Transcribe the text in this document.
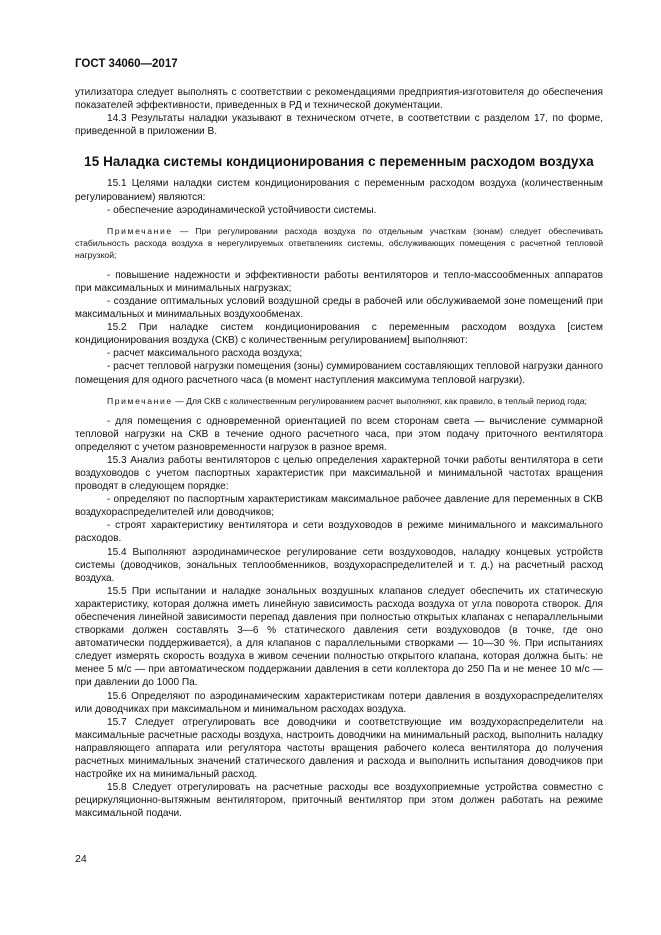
ГОСТ 34060—2017

утилизатора следует выполнять с соответствии с рекомендациями предприятия-изготовителя до обеспечения показателей эффективности, приведенных в РД и технической документации.

14.3 Результаты наладки указывают в техническом отчете, в соответствии с разделом 17, по форме, приведенной в приложении В.

15 Наладка системы кондиционирования с переменным расходом воздуха

15.1 Целями наладки систем кондиционирования с переменным расходом воздуха (количественным регулированием) являются:

- обеспечение аэродинамической устойчивости системы.

Примечание — При регулировании расхода воздуха по отдельным участкам (зонам) следует обеспечивать стабильность расхода воздуха в нерегулируемых ответвлениях системы, обслуживающих помещения с расчетной тепловой нагрузкой;

- повышение надежности и эффективности работы вентиляторов и тепло-массообменных аппаратов при максимальных и минимальных нагрузках;

- создание оптимальных условий воздушной среды в рабочей или обслуживаемой зоне помещений при максимальных и минимальных воздухообменах.

15.2 При наладке систем кондиционирования с переменным расходом воздуха [систем кондиционирования воздуха (СКВ) с количественным регулированием] выполняют:

- расчет максимального расхода воздуха;

- расчет тепловой нагрузки помещения (зоны) суммированием составляющих тепловой нагрузки данного помещения для одного расчетного часа (в момент наступления максимума тепловой нагрузки).

Примечание — Для СКВ с количественным регулированием расчет выполняют, как правило, в теплый период года;

- для помещения с одновременной ориентацией по всем сторонам света — вычисление суммарной тепловой нагрузки на СКВ в течение одного расчетного часа, при этом подачу приточного вентилятора определяют с учетом разновременности нагрузок в разное время.

15.3 Анализ работы вентиляторов с целью определения характерной точки работы вентилятора в сети воздуховодов с учетом паспортных характеристик при максимальной и минимальной частотах вращения проводят в следующем порядке:

- определяют по паспортным характеристикам максимальное рабочее давление для переменных в СКВ воздухораспределителей или доводчиков;

- строят характеристику вентилятора и сети воздуховодов в режиме минимального и максимального расходов.

15.4 Выполняют аэродинамическое регулирование сети воздуховодов, наладку концевых устройств системы (доводчиков, зональных теплообменников, воздухораспределителей и т. д.) на расчетный расход воздуха.

15.5 При испытании и наладке зональных воздушных клапанов следует обеспечить их статическую характеристику, которая должна иметь линейную зависимость расхода воздуха от угла поворота створок. Для обеспечения линейной зависимости перепад давления при полностью открытых клапанах с непараллельными створками должен составлять 3—6 % статического давления сети воздуховодов (в точке, где оно автоматически поддерживается), а для клапанов с параллельными створками — 10—30 %. При испытаниях следует измерять скорость воздуха в живом сечении полностью открытого клапана, которая должна быть: не менее 5 м/с — при автоматическом поддержании давления в сети коллектора до 250 Па и не менее 10 м/с — при давлении до 1000 Па.

15.6 Определяют по аэродинамическим характеристикам потери давления в воздухораспределителях или доводчиках при максимальном и минимальном расходах воздуха.

15.7 Следует отрегулировать все доводчики и соответствующие им воздухораспределители на максимальные расчетные расходы воздуха, настроить доводчики на минимальный расход, выполнить наладку направляющего аппарата или регулятора частоты вращения рабочего колеса вентилятора до получения расчетных минимальных значений статического давления и расхода и выполнить испытания доводчиков при настройке их на минимальный расход.

15.8 Следует отрегулировать на расчетные расходы все воздухоприемные устройства совместно с рециркуляционно-вытяжным вентилятором, приточный вентилятор при этом должен работать на режиме максимальной подачи.

24
